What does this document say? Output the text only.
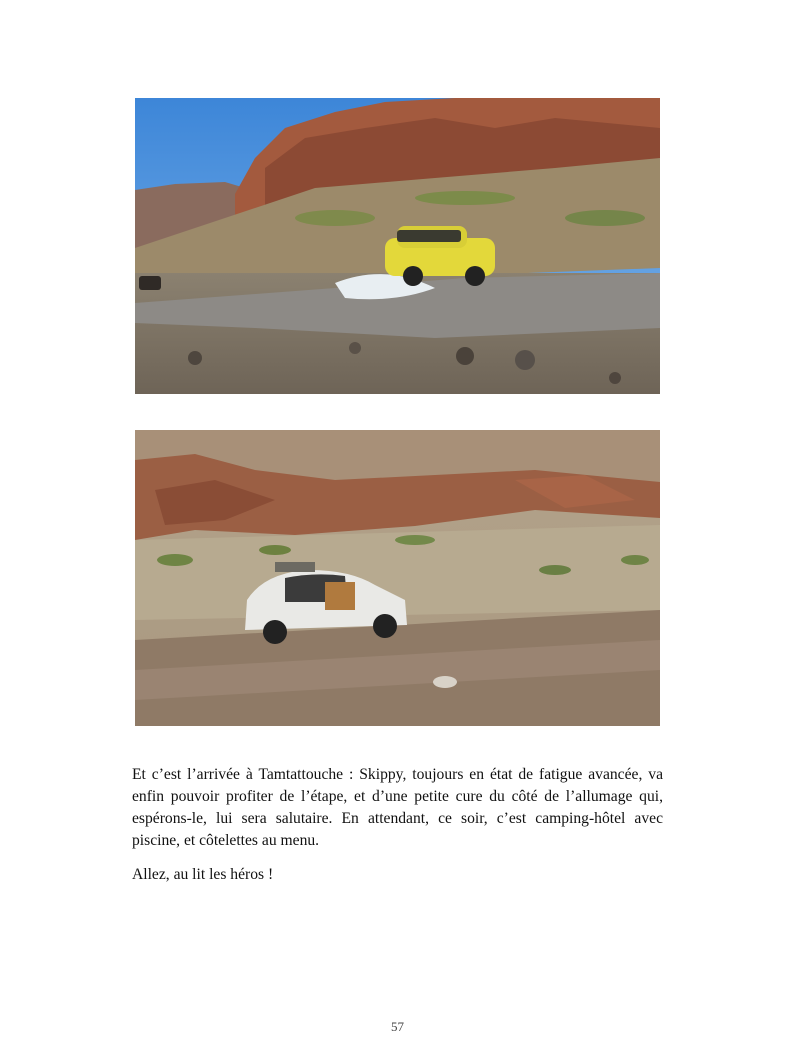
Et c’est l’arrivée à Tamtattouche : Skippy, toujours en état de fatigue avancée, va enfin pouvoir profiter de l’étape, et d’une petite cure du côté de l’allumage qui, espérons-le, lui sera salutaire. En attendant, ce soir, c’est camping-hôtel avec piscine, et côtelettes au menu.

Allez, au lit les héros !

57
